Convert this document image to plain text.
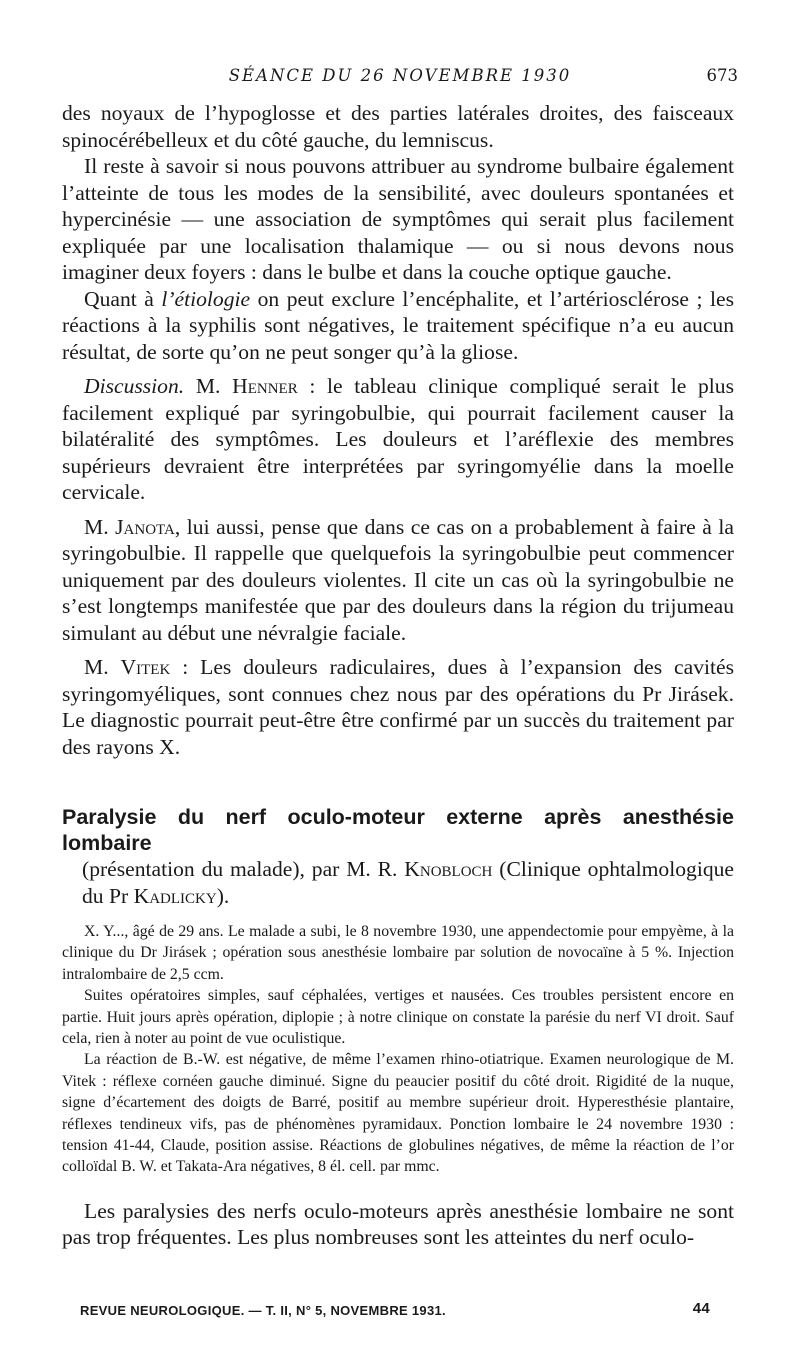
SÉANCE DU 26 NOVEMBRE 1930	673

des noyaux de l’hypoglosse et des parties latérales droites, des faisceaux spinocérébelleux et du côté gauche, du lemniscus.

Il reste à savoir si nous pouvons attribuer au syndrome bulbaire également l’atteinte de tous les modes de la sensibilité, avec douleurs spontanées et hypercinésie — une association de symptômes qui serait plus facilement expliquée par une localisation thalamique — ou si nous devons nous imaginer deux foyers : dans le bulbe et dans la couche optique gauche.

Quant à l’étiologie on peut exclure l’encéphalite, et l’artériosclérose ; les réactions à la syphilis sont négatives, le traitement spécifique n’a eu aucun résultat, de sorte qu’on ne peut songer qu’à la gliose.

Discussion. M. Henner : le tableau clinique compliqué serait le plus facilement expliqué par syringobulbie, qui pourrait facilement causer la bilatéralité des symptômes. Les douleurs et l’aréflexie des membres supérieurs devraient être interprétées par syringomyélie dans la moelle cervicale.

M. Janota, lui aussi, pense que dans ce cas on a probablement à faire à la syringobulbie. Il rappelle que quelquefois la syringobulbie peut commencer uniquement par des douleurs violentes. Il cite un cas où la syringobulbie ne s’est longtemps manifestée que par des douleurs dans la région du trijumeau simulant au début une névralgie faciale.

M. Vitek : Les douleurs radiculaires, dues à l’expansion des cavités syringomyéliques, sont connues chez nous par des opérations du Pr Jirásek. Le diagnostic pourrait peut-être être confirmé par un succès du traitement par des rayons X.

Paralysie du nerf oculo-moteur externe après anesthésie lombaire

(présentation du malade), par M. R. Knobloch (Clinique ophtalmologique du Pr Kadlicky).

X. Y..., âgé de 29 ans. Le malade a subi, le 8 novembre 1930, une appendectomie pour empyème, à la clinique du Dr Jirásek ; opération sous anesthésie lombaire par solution de novocaïne à 5 %. Injection intralombaire de 2,5 ccm.

Suites opératoires simples, sauf céphalées, vertiges et nausées. Ces troubles persistent encore en partie. Huit jours après opération, diplopie ; à notre clinique on constate la parésie du nerf VI droit. Sauf cela, rien à noter au point de vue oculistique.

La réaction de B.-W. est négative, de même l’examen rhino-otiatrique. Examen neurologique de M. Vitek : réflexe cornéen gauche diminué. Signe du peaucier positif du côté droit. Rigidité de la nuque, signe d’écartement des doigts de Barré, positif au membre supérieur droit. Hyperesthésie plantaire, réflexes tendineux vifs, pas de phénomènes pyramidaux. Ponction lombaire le 24 novembre 1930 : tension 41-44, Claude, position assise. Réactions de globulines négatives, de même la réaction de l’or colloïdal B. W. et Takata-Ara négatives, 8 él. cell. par mmc.

Les paralysies des nerfs oculo-moteurs après anesthésie lombaire ne sont pas trop fréquentes. Les plus nombreuses sont les atteintes du nerf oculo-

REVUE NEUROLOGIQUE. — T. II, N° 5, NOVEMBRE 1931.	44
